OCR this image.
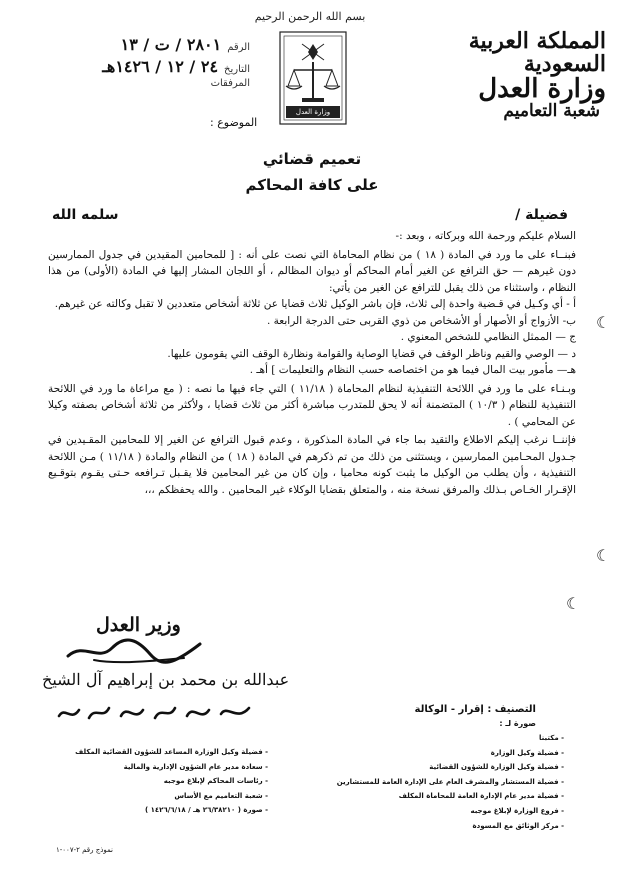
بسم الله الرحمن الرحيم
وزارة العدل
المملكة العربية السعودية
وزارة العدل
شعبة التعاميم
الرقم
٢٨٠١ / ت / ١٣
التاريخ
٢٤ / ١٢ / ١٤٢٦هـ
المرفقات
الموضوع :
تعميم قضائي
على كافة المحاكم
فضيلة /
سلمه الله

السلام عليكم ورحمة الله وبركاته ، وبعد :-

فبنــاء على ما ورد في المادة ( ١٨ ) من نظام المحاماة التي نصت على أنه : [ للمحامين المقيدين في جدول الممارسين دون غيرهم — حق الترافع عن الغير أمام المحاكم أو ديوان المظالم ، أو اللجان المشار إليها في المادة (الأولى) من هذا النظام ، واستثناء من ذلك يقبل للترافع عن الغير من يأتي:

أ - أي وكـيل في قـضية واحدة إلى ثلاث، فإن باشر الوكيل ثلاث قضايا عن ثلاثة أشخاص متعددين لا تقبل وكالته عن غيرهم.

ب- الأزواج أو الأصهار أو الأشخاص من ذوي القربى حتى الدرجة الرابعة .

ج — الممثل النظامي للشخص المعنوي .

د — الوصي والقيم وناظر الوقف في قضايا الوصاية والقوامة ونظارة الوقف التي يقومون عليها.

هـ— مأمور بيت المال فيما هو من اختصاصه حسب النظام والتعليمات ] أهـ .

وبـنـاء على ما ورد في اللائحة التنفيذية لنظام المحاماة ( ١١/١٨ ) التي جاء فيها ما نصه : ( مع مراعاة ما ورد في اللائحة التنفيذية للنظام ( ١٠/٣ ) المتضمنة أنه لا يحق للمتدرب مباشرة أكثر من ثلاث قضايا ، ولأكثر من ثلاثة أشخاص بصفته وكيلا عن المحامي ) .

فإننــا نرغب إليكم الاطلاع والتقيد بما جاء في المادة المذكورة ، وعدم قبول الترافع عن الغير إلا للمحامين المقـيدين في جـدول المحـامين الممارسين ، ويستثنى من ذلك من تم ذكرهم في المادة ( ١٨ ) من النظام والمادة ( ١١/١٨ ) مـن اللائحة التنفيذية ، وأن يطلب من الوكيل ما يثبت كونه محاميا ، وإن كان من غير المحامين فلا يقـبل تـرافعه حـتى يقـوم بتوقـيع الإقـرار الخـاص بـذلك والمرفق نسخة منه ، والمتعلق بقضايا الوكلاء غير المحامين . والله يحفظكم ،،،

☾
☾
☾
وزير العدل
عبدالله بن محمد بن إبراهيم آل الشيخ
التصنيف : إقرار - الوكالة
صورة لـ :
- مكتبنا
- فضيلة وكيل الوزارة
- فضيلة وكيل الوزارة للشؤون القضائية
- فضيلة المستشار والمشرف العام على الإدارة العامة للمستشارين
- فضيلة مدير عام الإدارة العامة للمحاماة المكلف
- فروع الوزارة لإبلاغ موجبه
- مركز الوثائق مع المسودة
- فضيلة وكيل الوزارة المساعد للشؤون القضائية المكلف
- سعادة مدير عام الشؤون الإدارية والمالية
- رئاسات المحاكم لإبلاغ موجبه
- شعبة التعاميم مع الأساس
- صورة ( ٢٦/٣٨٢١٠ هـ / ١٤٢٦/٦/١٨ )
نموذج رقم ٢-٠٠٧-١
